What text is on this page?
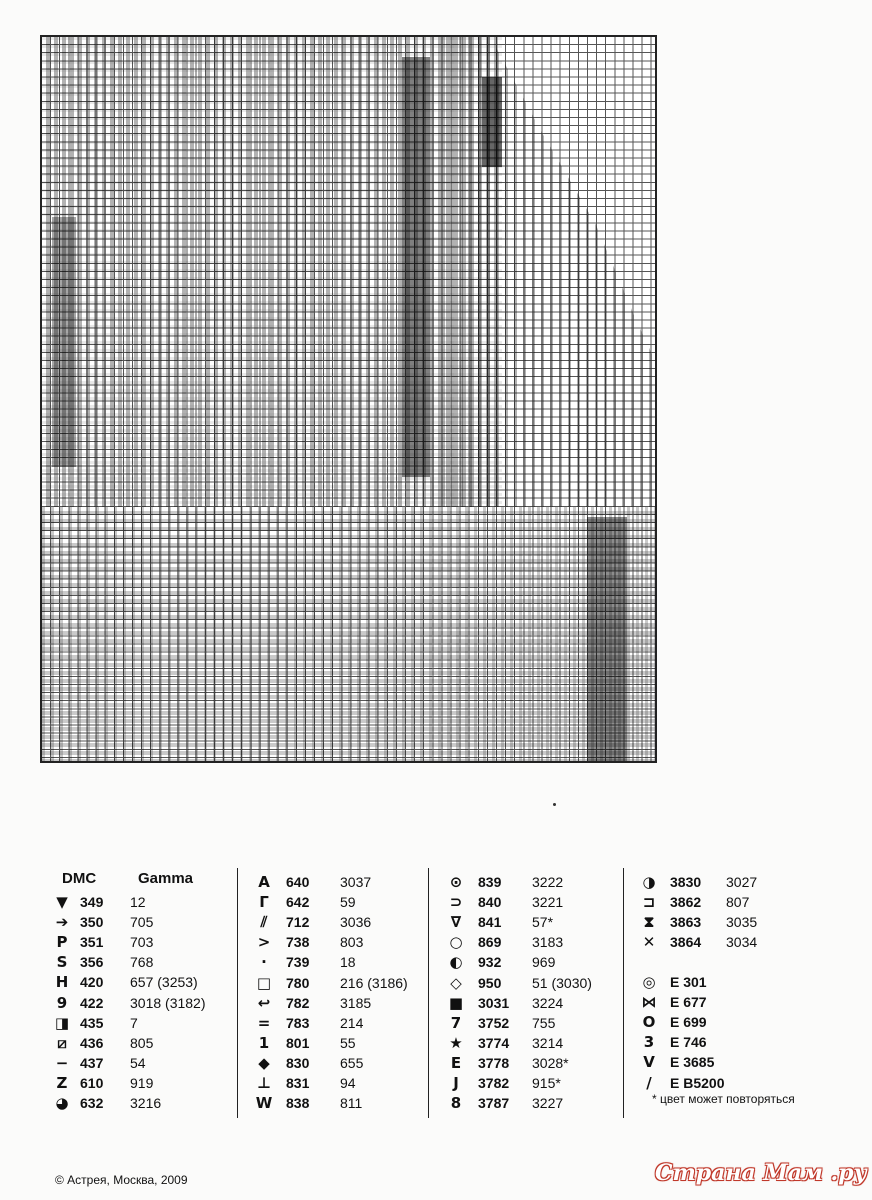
DMC	Gamma
* цвет может повторяться
© Астрея, Москва, 2009	Страна Мам .ру
▼ 349 12
➔ 350 705
P 351 703
S 356 768
H 420 657 (3253)
9 422 3018 (3182)
◨ 435 7
⧄ 436 805
− 437 54
Z 610 919
◕ 632 3216
A	640 3037
Γ	642 59
⫽	712 3036
> 738 803
·	739 18
□ 780 216 (3186)
↩ 782 3185
= 783 214
1	801 55
◆	830 655
⊥ 831 94
W 838 811
⊙ 839 3222
⊃ 840 3221
∇	841 57*
○ 869 3183
◐ 932 969
◇	950 51 (3030)
■ 3031 3224
7	3752 755
★ 3774 3214
E	3778 3028*
J	3782 915*
8	3787 3227
◑ 3830 3027
⊐ 3862 807
⧗	3863 3035
✕ 3864 3034
◎ E 301
⋈ E 677
O E 699
3	E 746
V	E 3685
/	E B5200
